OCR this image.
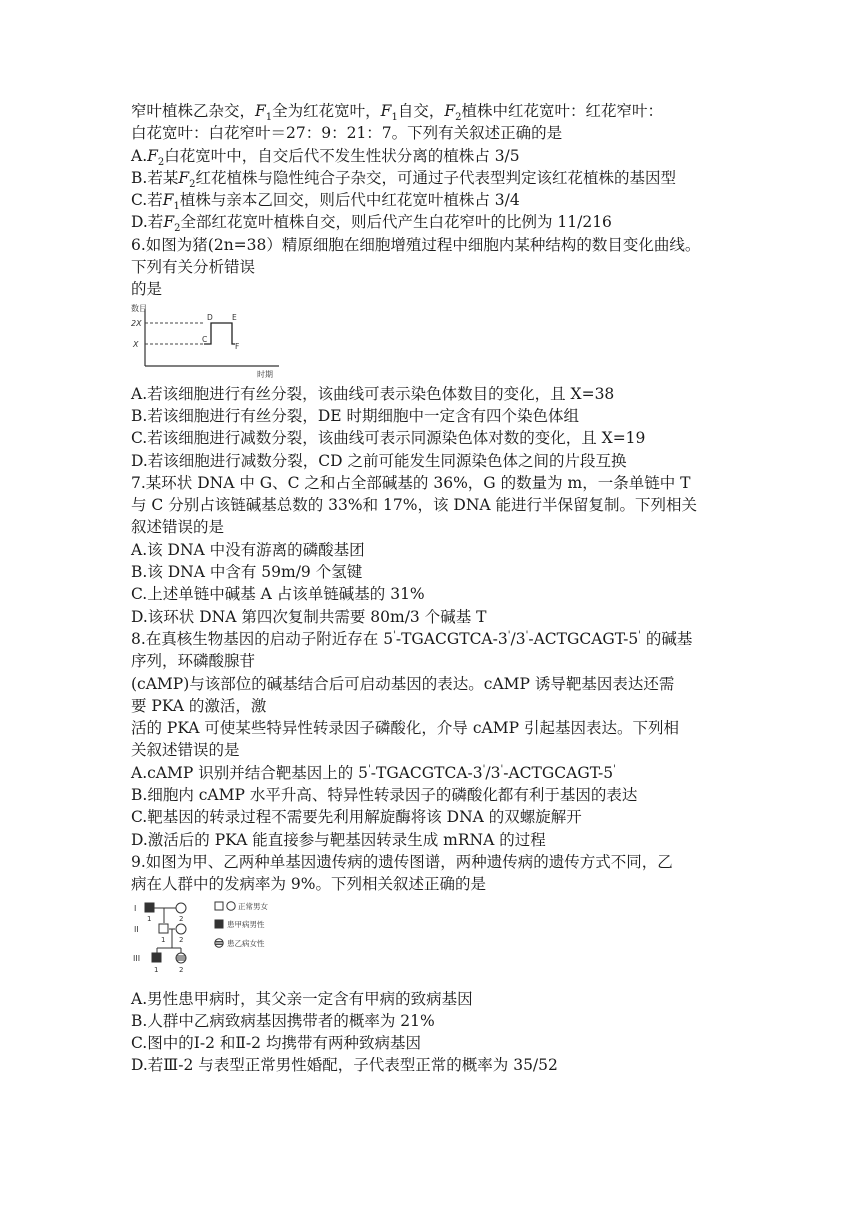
窄叶植株乙杂交，$F_1$全为红花宽叶，$F_1$自交，$F_2$植株中红花宽叶：红花窄叶：
白花宽叶：白花窄叶＝27：9：21：7。下列有关叙述正确的是
$A.F_2$白花宽叶中，自交后代不发生性状分离的植株占 3/5
B.若某$F_2$红花植株与隐性纯合子杂交，可通过子代表型判定该红花植株的基因型
C.若$F_1$植株与亲本乙回交，则后代中红花宽叶植株占 3/4
D.若$F_2$全部红花宽叶植株自交，则后代产生白花窄叶的比例为 11/216
6.如图为猪(2n=38）精原细胞在细胞增殖过程中细胞内某种结构的数目变化曲线。
下列有关分析错误
的是
数目
时期
2X
X
C
D	E
F
A.若该细胞进行有丝分裂，该曲线可表示染色体数目的变化，且 X=38
B.若该细胞进行有丝分裂，DE 时期细胞中一定含有四个染色体组
C.若该细胞进行减数分裂，该曲线可表示同源染色体对数的变化，且 X=19
D.若该细胞进行减数分裂，CD 之前可能发生同源染色体之间的片段互换
7.某环状 DNA 中 G、C 之和占全部碱基的 36%，G 的数量为 m，一条单链中 T
与 C 分别占该链碱基总数的 33%和 17%，该 DNA 能进行半保留复制。下列相关
叙述错误的是
A.该 DNA 中没有游离的磷酸基团
B.该 DNA 中含有 59m/9 个氢键
C.上述单链中碱基 A 占该单链碱基的 31%
D.该环状 DNA 第四次复制共需要 80m/3 个碱基 T
8.在真核生物基因的启动子附近存在 5'-TGACGTCA-3'/3'-ACTGCAGT-5' 的碱基
序列，环磷酸腺苷
(cAMP)与该部位的碱基结合后可启动基因的表达。cAMP 诱导靶基因表达还需
要 PKA 的激活，激
活的 PKA 可使某些特异性转录因子磷酸化，介导 cAMP 引起基因表达。下列相
关叙述错误的是
A.cAMP 识别并结合靶基因上的 5'-TGACGTCA-3'/3'-ACTGCAGT-5'
B.细胞内 cAMP 水平升高、特异性转录因子的磷酸化都有利于基因的表达
C.靶基因的转录过程不需要先利用解旋酶将该 DNA 的双螺旋解开
D.激活后的 PKA 能直接参与靶基因转录生成 mRNA 的过程
9.如图为甲、乙两种单基因遗传病的遗传图谱，两种遗传病的遗传方式不同，乙
病在人群中的发病率为 9%。下列相关叙述正确的是
I
II
III
1	2
1 2
1	2
正常男女
患甲病男性
患乙病女性
A.男性患甲病时，其父亲一定含有甲病的致病基因
B.人群中乙病致病基因携带者的概率为 21%
C.图中的Ⅰ-2 和Ⅱ-2 均携带有两种致病基因
D.若Ⅲ-2 与表型正常男性婚配，子代表型正常的概率为 35/52
